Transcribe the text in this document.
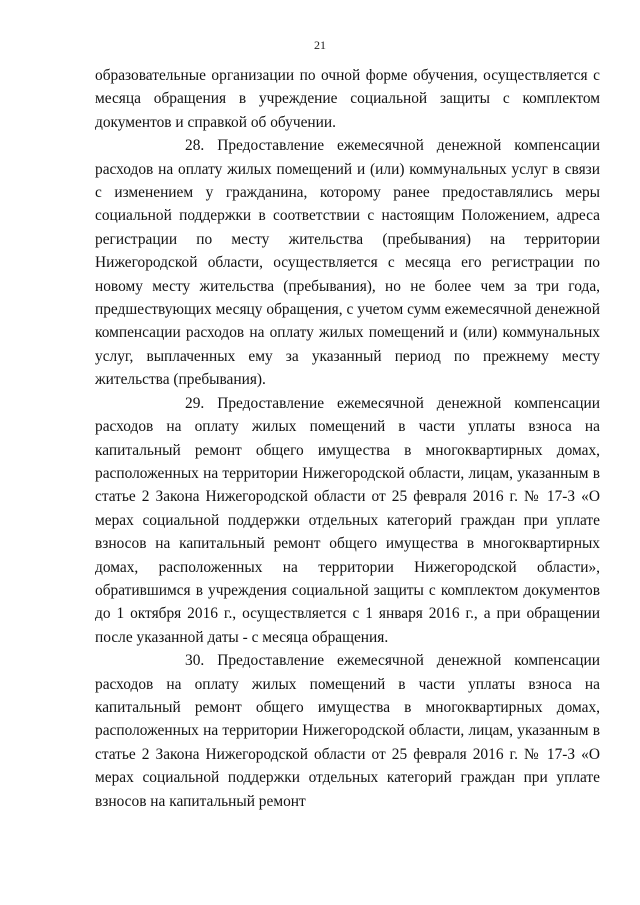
21

образовательные организации по очной форме обучения, осуществляется с месяца обращения в учреждение социальной защиты с комплектом документов и справкой об обучении.

28. Предоставление ежемесячной денежной компенсации расходов на оплату жилых помещений и (или) коммунальных услуг в связи с изменением у гражданина, которому ранее предоставлялись меры социальной поддержки в соответствии с настоящим Положением, адреса регистрации по месту жительства (пребывания) на территории Нижегородской области, осуществляется с месяца его регистрации по новому месту жительства (пребывания), но не более чем за три года, предшествующих месяцу обращения, с учетом сумм ежемесячной денежной компенсации расходов на оплату жилых помещений и (или) коммунальных услуг, выплаченных ему за указанный период по прежнему месту жительства (пребывания).

29. Предоставление ежемесячной денежной компенсации расходов на оплату жилых помещений в части уплаты взноса на капитальный ремонт общего имущества в многоквартирных домах, расположенных на территории Нижегородской области, лицам, указанным в статье 2 Закона Нижегородской области от 25 февраля 2016 г. № 17-З «О мерах социальной поддержки отдельных категорий граждан при уплате взносов на капитальный ремонт общего имущества в многоквартирных домах, расположенных на территории Нижегородской области», обратившимся в учреждения социальной защиты с комплектом документов до 1 октября 2016 г., осуществляется с 1 января 2016 г., а при обращении после указанной даты - с месяца обращения.

30. Предоставление ежемесячной денежной компенсации расходов на оплату жилых помещений в части уплаты взноса на капитальный ремонт общего имущества в многоквартирных домах, расположенных на территории Нижегородской области, лицам, указанным в статье 2 Закона Нижегородской области от 25 февраля 2016 г. № 17-З «О мерах социальной поддержки отдельных категорий граждан при уплате взносов на капитальный ремонт
